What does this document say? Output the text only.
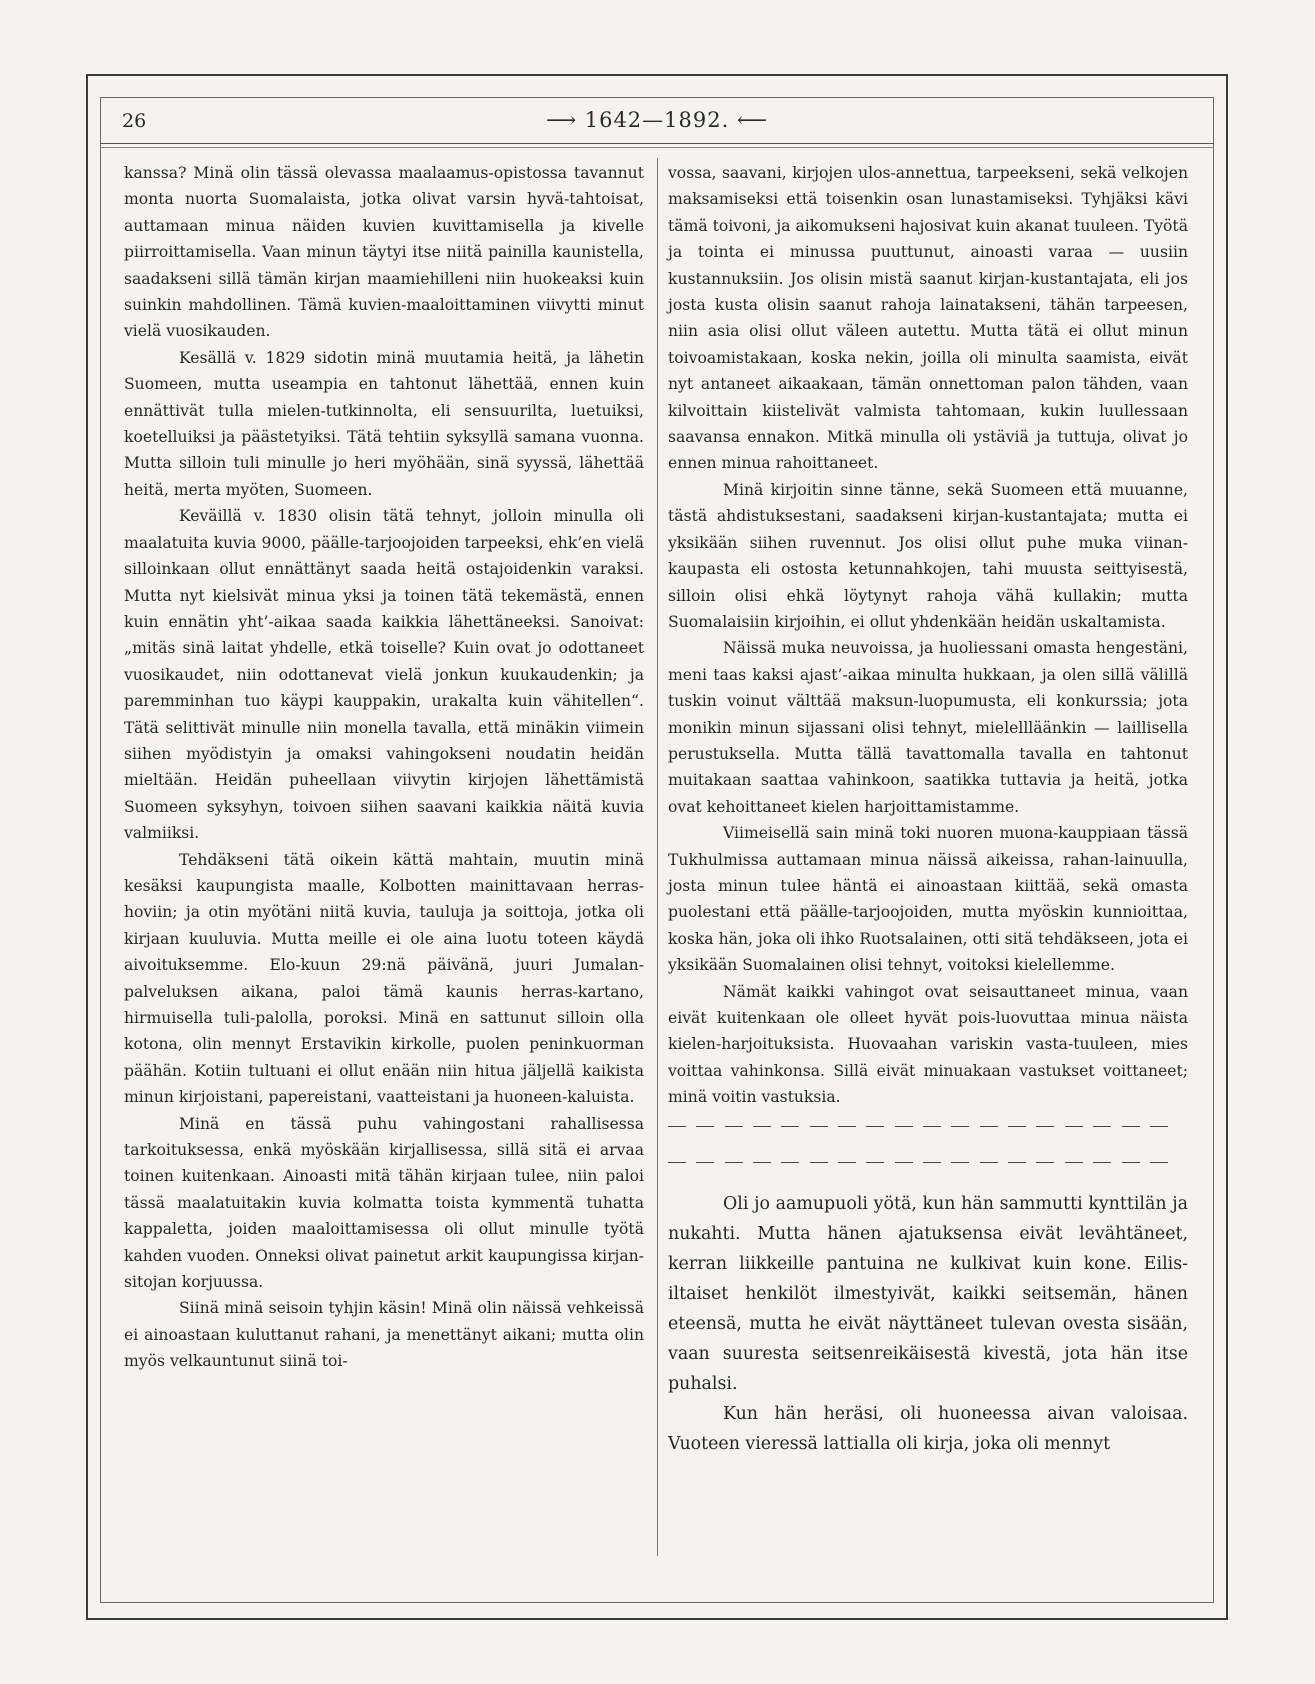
26	⟶ 1642—1892. ⟵

kanssa? Minä olin tässä olevassa maalaamus-opistossa tavannut monta nuorta Suomalaista, jotka olivat varsin hyvä-tahtoisat, auttamaan minua näiden kuvien kuvittamisella ja kivelle piirroittamisella. Vaan minun täytyi itse niitä painilla kaunistella, saadakseni sillä tämän kirjan maamiehilleni niin huokeaksi kuin suinkin mahdollinen. Tämä kuvien-maaloittaminen viivytti minut vielä vuosikauden.

Kesällä v. 1829 sidotin minä muutamia heitä, ja lähetin Suomeen, mutta useampia en tahtonut lähettää, ennen kuin ennättivät tulla mielen-tutkinnolta, eli sensuurilta, luetuiksi, koetelluiksi ja päästetyiksi. Tätä tehtiin syksyllä samana vuonna. Mutta silloin tuli minulle jo heri myöhään, sinä syyssä, lähettää heitä, merta myöten, Suomeen.

Keväillä v. 1830 olisin tätä tehnyt, jolloin minulla oli maalatuita kuvia 9000, päälle-tarjoojoiden tarpeeksi, ehk’en vielä silloinkaan ollut ennättänyt saada heitä ostajoidenkin varaksi. Mutta nyt kielsivät minua yksi ja toinen tätä tekemästä, ennen kuin ennätin yht’-aikaa saada kaikkia lähettäneeksi. Sanoivat: „mitäs sinä laitat yhdelle, etkä toiselle? Kuin ovat jo odottaneet vuosikaudet, niin odottanevat vielä jonkun kuukaudenkin; ja paremminhan tuo käypi kauppakin, urakalta kuin vähitellen“. Tätä selittivät minulle niin monella tavalla, että minäkin viimein siihen myödistyin ja omaksi vahingokseni noudatin heidän mieltään. Heidän puheellaan viivytin kirjojen lähettämistä Suomeen syksyhyn, toivoen siihen saavani kaikkia näitä kuvia valmiiksi.

Tehdäkseni tätä oikein kättä mahtain, muutin minä kesäksi kaupungista maalle, Kolbotten mainittavaan herras-hoviin; ja otin myötäni niitä kuvia, tauluja ja soittoja, jotka oli kirjaan kuuluvia. Mutta meille ei ole aina luotu toteen käydä aivoituksemme. Elo-kuun 29:nä päivänä, juuri Jumalan-palveluksen aikana, paloi tämä kaunis herras-kartano, hirmuisella tuli-palolla, poroksi. Minä en sattunut silloin olla kotona, olin mennyt Erstavikin kirkolle, puolen peninkuorman päähän. Kotiin tultuani ei ollut enään niin hitua jäljellä kaikista minun kirjoistani, papereistani, vaatteistani ja huoneen-kaluista.

Minä en tässä puhu vahingostani rahallisessa tarkoituksessa, enkä myöskään kirjallisessa, sillä sitä ei arvaa toinen kuitenkaan. Ainoasti mitä tähän kirjaan tulee, niin paloi tässä maalatuitakin kuvia kolmatta toista kymmentä tuhatta kappaletta, joiden maaloittamisessa oli ollut minulle työtä kahden vuoden. Onneksi olivat painetut arkit kaupungissa kirjan-sitojan korjuussa.

Siinä minä seisoin tyhjin käsin! Minä olin näissä vehkeissä ei ainoastaan kuluttanut rahani, ja menettänyt aikani; mutta olin myös velkauntunut siinä toi-

vossa, saavani, kirjojen ulos-annettua, tarpeekseni, sekä velkojen maksamiseksi että toisenkin osan lunastamiseksi. Tyhjäksi kävi tämä toivoni, ja aikomukseni hajosivat kuin akanat tuuleen. Työtä ja tointa ei minussa puuttunut, ainoasti varaa — uusiin kustannuksiin. Jos olisin mistä saanut kirjan-kustantajata, eli jos josta kusta olisin saanut rahoja lainatakseni, tähän tarpeesen, niin asia olisi ollut väleen autettu. Mutta tätä ei ollut minun toivoamistakaan, koska nekin, joilla oli minulta saamista, eivät nyt antaneet aikaakaan, tämän onnettoman palon tähden, vaan kilvoittain kiistelivät valmista tahtomaan, kukin luullessaan saavansa ennakon. Mitkä minulla oli ystäviä ja tuttuja, olivat jo ennen minua rahoittaneet.

Minä kirjoitin sinne tänne, sekä Suomeen että muuanne, tästä ahdistuksestani, saadakseni kirjan-kustantajata; mutta ei yksikään siihen ruvennut. Jos olisi ollut puhe muka viinan-kaupasta eli ostosta ketunnahkojen, tahi muusta seittyisestä, silloin olisi ehkä löytynyt rahoja vähä kullakin; mutta Suomalaisiin kirjoihin, ei ollut yhdenkään heidän uskaltamista.

Näissä muka neuvoissa, ja huoliessani omasta hengestäni, meni taas kaksi ajast’-aikaa minulta hukkaan, ja olen sillä välillä tuskin voinut välttää maksun-luopumusta, eli konkurssia; jota monikin minun sijassani olisi tehnyt, mielellläänkin — laillisella perustuksella. Mutta tällä tavattomalla tavalla en tahtonut muitakaan saattaa vahinkoon, saatikka tuttavia ja heitä, jotka ovat kehoittaneet kielen harjoittamistamme.

Viimeisellä sain minä toki nuoren muona-kauppiaan tässä Tukhulmissa auttamaan minua näissä aikeissa, rahan-lainuulla, josta minun tulee häntä ei ainoastaan kiittää, sekä omasta puolestani että päälle-tarjoojoiden, mutta myöskin kunnioittaa, koska hän, joka oli ihko Ruotsalainen, otti sitä tehdäkseen, jota ei yksikään Suomalainen olisi tehnyt, voitoksi kielellemme.

Nämät kaikki vahingot ovat seisauttaneet minua, vaan eivät kuitenkaan ole olleet hyvät pois-luovuttaa minua näista kielen-harjoituksista. Huovaahan variskin vasta-tuuleen, mies voittaa vahinkonsa. Sillä eivät minuakaan vastukset voittaneet; minä voitin vastuksia.

Oli jo aamupuoli yötä, kun hän sammutti kynttilän ja nukahti. Mutta hänen ajatuksensa eivät levähtäneet, kerran liikkeille pantuina ne kulkivat kuin kone. Eilis-iltaiset henkilöt ilmestyivät, kaikki seitsemän, hänen eteensä, mutta he eivät näyttäneet tulevan ovesta sisään, vaan suuresta seitsenreikäisestä kivestä, jota hän itse puhalsi.

Kun hän heräsi, oli huoneessa aivan valoisaa. Vuoteen vieressä lattialla oli kirja, joka oli mennyt
